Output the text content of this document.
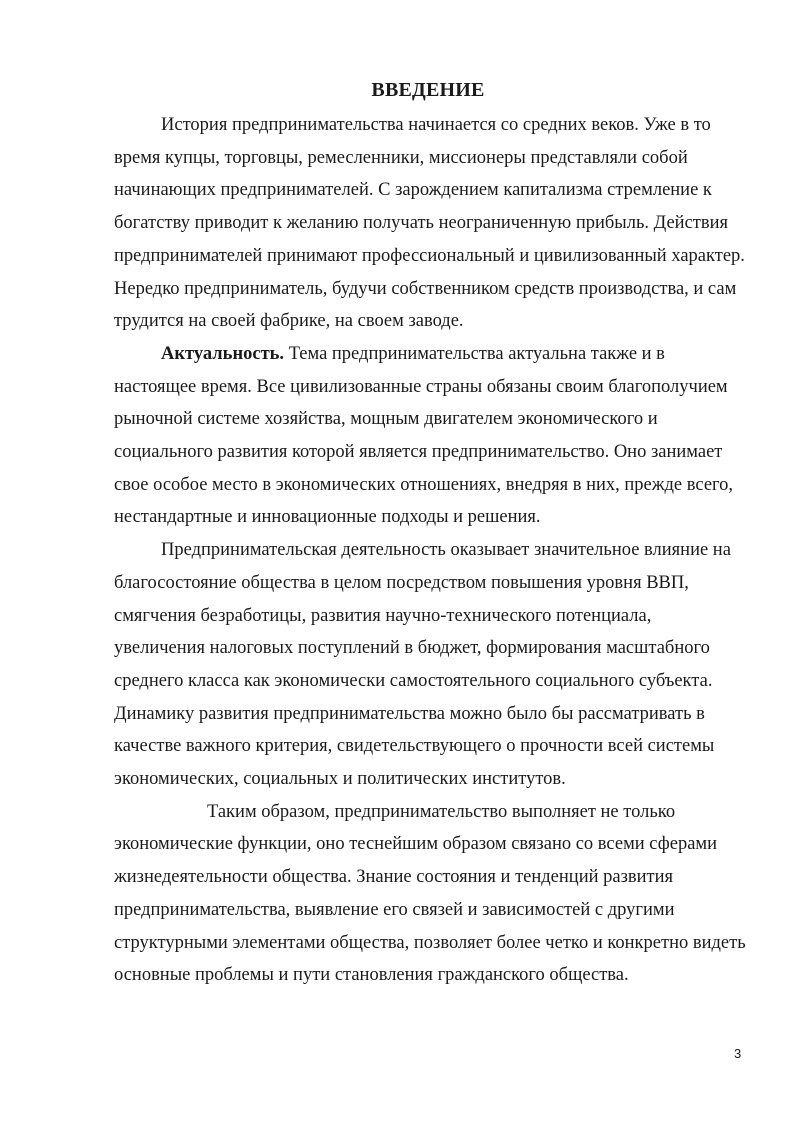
ВВЕДЕНИЕ

История предпринимательства начинается со средних веков. Уже в то время купцы, торговцы, ремесленники, миссионеры представляли собой начинающих предпринимателей. С зарождением капитализма стремление к богатству приводит к желанию получать неограниченную прибыль. Действия предпринимателей принимают профессиональный и цивилизованный характер. Нередко предприниматель, будучи собственником средств производства, и сам трудится на своей фабрике, на своем заводе.

Актуальность. Тема предпринимательства актуальна также и в настоящее время. Все цивилизованные страны обязаны своим благополучием рыночной системе хозяйства, мощным двигателем экономического и социального развития которой является предпринимательство. Оно занимает свое особое место в экономических отношениях, внедряя в них, прежде всего, нестандартные и инновационные подходы и решения.

Предпринимательская деятельность оказывает значительное влияние на благосостояние общества в целом посредством повышения уровня ВВП, смягчения безработицы, развития научно-технического потенциала, увеличения налоговых поступлений в бюджет, формирования масштабного среднего класса как экономически самостоятельного социального субъекта. Динамику развития предпринимательства можно было бы рассматривать в качестве важного критерия, свидетельствующего о прочности всей системы экономических, социальных и политических институтов.

Таким образом, предпринимательство выполняет не только экономические функции, оно теснейшим образом связано со всеми сферами жизнедеятельности общества. Знание состояния и тенденций развития предпринимательства, выявление его связей и зависимостей с другими структурными элементами общества, позволяет более четко и конкретно видеть основные проблемы и пути становления гражданского общества.

3
